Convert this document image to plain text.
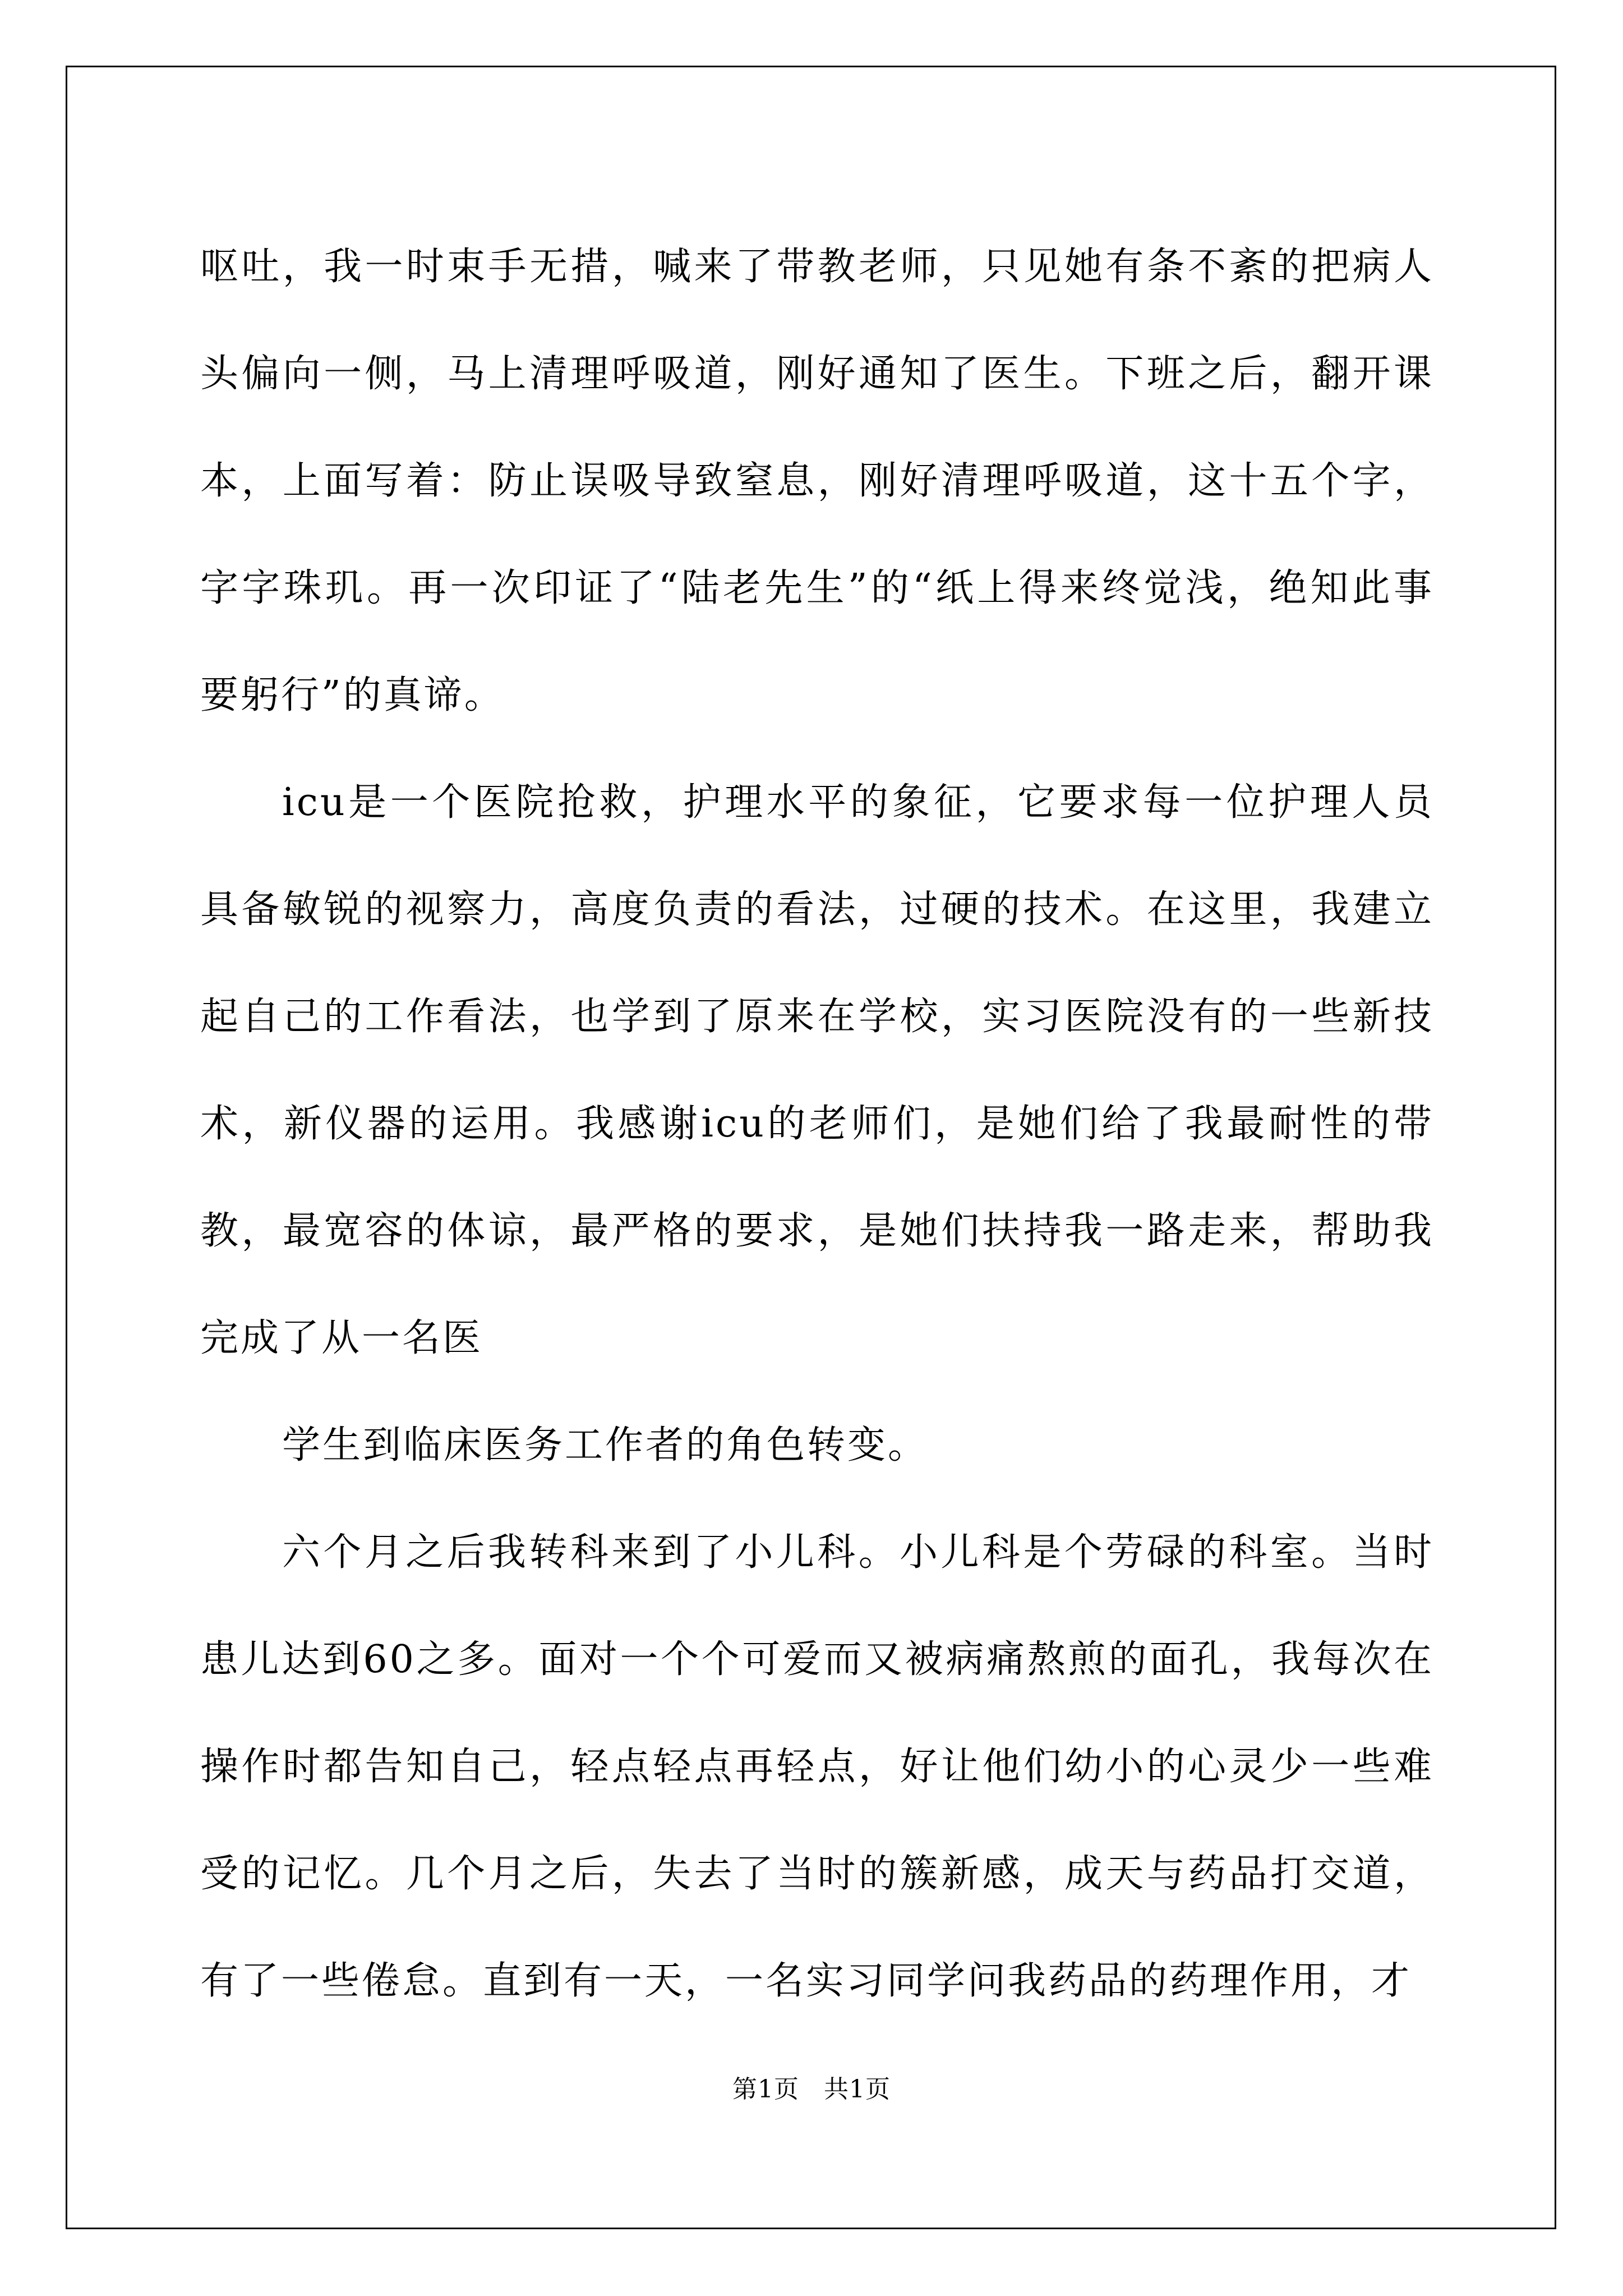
呕吐，我一时束手无措，喊来了带教老师，只见她有条不紊的把病人头偏向一侧，马上清理呼吸道，刚好通知了医生。下班之后，翻开课本，上面写着：防止误吸导致窒息，刚好清理呼吸道，这十五个字，字字珠玑。再一次印证了“陆老先生”的“纸上得来终觉浅，绝知此事要躬行”的真谛。

icu是一个医院抢救，护理水平的象征，它要求每一位护理人员具备敏锐的视察力，高度负责的看法，过硬的技术。在这里，我建立起自己的工作看法，也学到了原来在学校，实习医院没有的一些新技术，新仪器的运用。我感谢icu的老师们，是她们给了我最耐性的带教，最宽容的体谅，最严格的要求，是她们扶持我一路走来，帮助我完成了从一名医

学生到临床医务工作者的角色转变。

六个月之后我转科来到了小儿科。小儿科是个劳碌的科室。当时患儿达到60之多。面对一个个可爱而又被病痛熬煎的面孔，我每次在操作时都告知自己，轻点轻点再轻点，好让他们幼小的心灵少一些难受的记忆。几个月之后，失去了当时的簇新感，成天与药品打交道，有了一些倦怠。直到有一天，一名实习同学问我药品的药理作用，才

第1页 共1页
